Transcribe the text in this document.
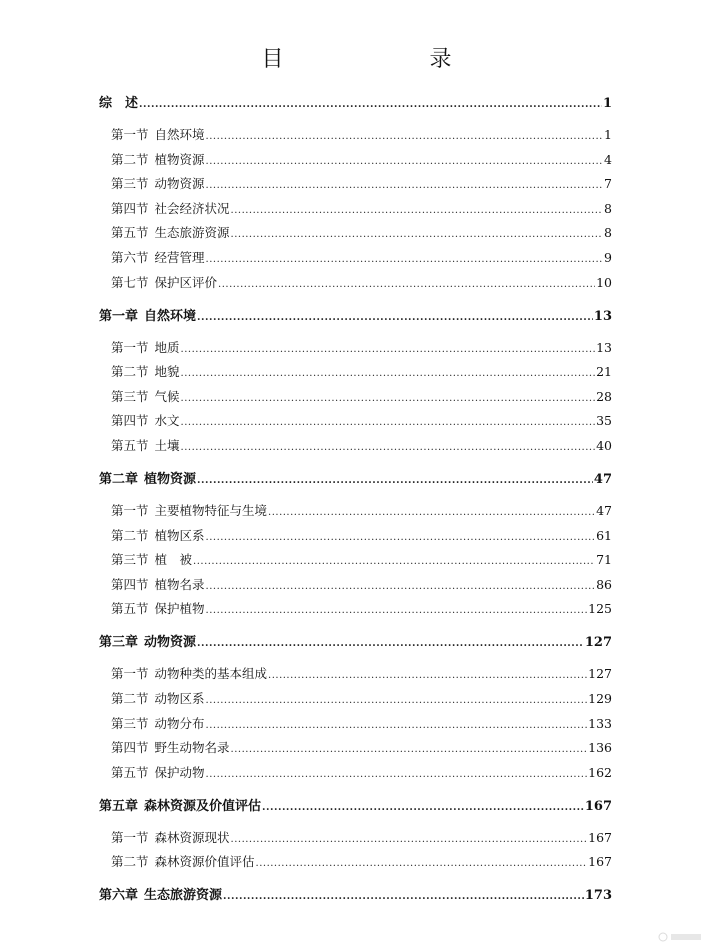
目　　录
综　述 .....	1
第一节 自然环境 .....	1
第二节 植物资源 .....	4
第三节 动物资源 .....	7
第四节 社会经济状况 .....	8
第五节 生态旅游资源 .....	8
第六节 经营管理 .....	9
第七节 保护区评价 .....	10
第一章 自然环境 .....	13
第一节 地质 .....	13
第二节 地貌 .....	21
第三节 气候 .....	28
第四节 水文 .....	35
第五节 土壤 .....	40
第二章 植物资源 .....	47
第一节 主要植物特征与生境 .....	47
第二节 植物区系 .....	61
第三节 植　被 .....	71
第四节 植物名录 .....	86
第五节 保护植物 .....	125
第三章 动物资源 .....	127
第一节 动物种类的基本组成 .....	127
第二节 动物区系 .....	129
第三节 动物分布 .....	133
第四节 野生动物名录 .....	136
第五节 保护动物 .....	162
第五章 森林资源及价值评估 .....	167
第一节 森林资源现状 .....	167
第二节 森林资源价值评估 .....	167
第六章 生态旅游资源 .....	173
